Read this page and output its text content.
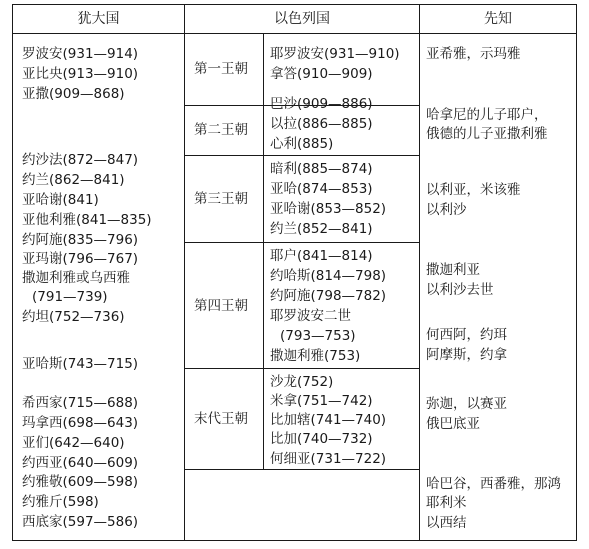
犹大国	以色列国	先知
罗波安(931—914)
亚比央(913—910)
亚撒(909—868)
约沙法(872—847)
约兰(862—841)
亚哈谢(841)
亚他利雅(841—835)
约阿施(835—796)
亚玛谢(796—767)
撒迦利雅或乌西雅
(791—739)
约坦(752—736)
亚哈斯(743—715)
希西家(715—688)
玛拿西(698—643)
亚们(642—640)
约西亚(640—609)
约雅敬(609—598)
约雅斤(598)
西底家(597—586)
第一王朝
第二王朝
第三王朝
第四王朝
末代王朝
耶罗波安(931—910)
拿答(910—909)
巴沙(909—886)
以拉(886—885)
心利(885)
暗利(885—874)
亚哈(874—853)
亚哈谢(853—852)
约兰(852—841)
耶户(841—814)
约哈斯(814—798)
约阿施(798—782)
耶罗波安二世
(793—753)
撒迦利雅(753)
沙龙(752)
米拿(751—742)
比加辖(741—740)
比加(740—732)
何细亚(731—722)
亚希雅，示玛雅
哈拿尼的儿子耶户，
俄德的儿子亚撒利雅
以利亚，米该雅
以利沙
撒迦利亚
以利沙去世
何西阿，约珥
阿摩斯，约拿
弥迦，以赛亚
俄巴底亚
哈巴谷，西番雅，那鸿
耶利米
以西结
